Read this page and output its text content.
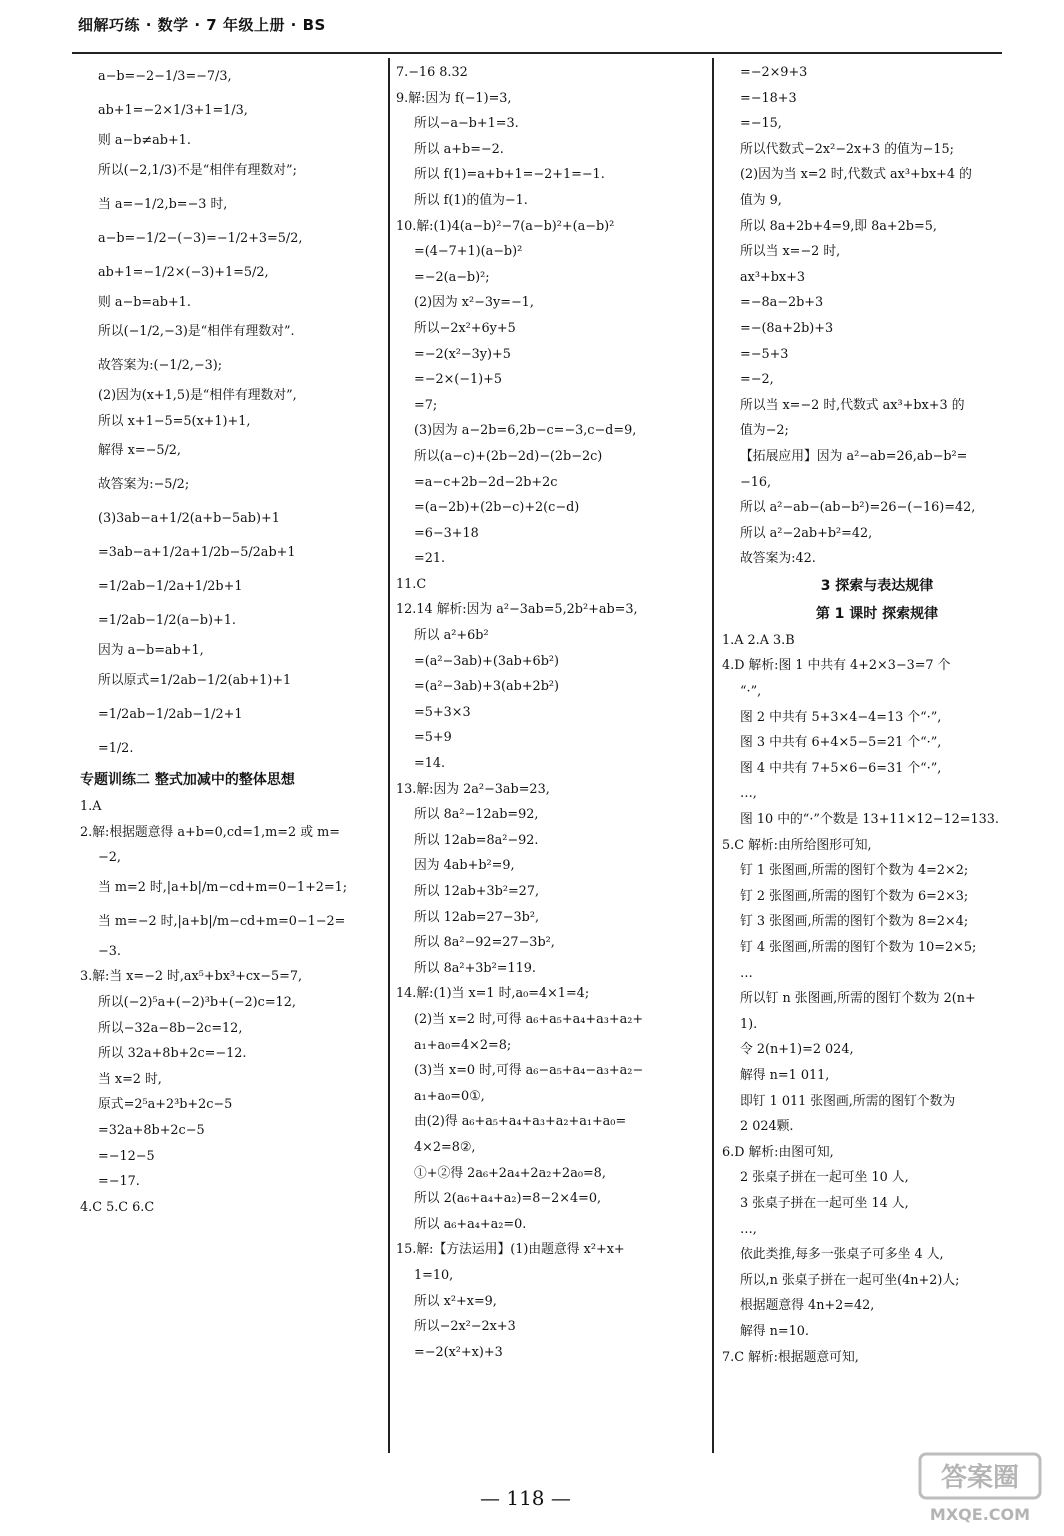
细解巧练 · 数学 · 7 年级上册 · BS
a−b=−2−1/3=−7/3,
ab+1=−2×1/3+1=1/3,
则 a−b≠ab+1.
所以(−2,1/3)不是“相伴有理数对”;
当 a=−1/2,b=−3 时,
a−b=−1/2−(−3)=−1/2+3=5/2,
ab+1=−1/2×(−3)+1=5/2,
则 a−b=ab+1.
所以(−1/2,−3)是“相伴有理数对”.
故答案为:(−1/2,−3);
(2)因为(x+1,5)是“相伴有理数对”,
所以 x+1−5=5(x+1)+1,
解得 x=−5/2,
故答案为:−5/2;
(3)3ab−a+1/2(a+b−5ab)+1
=3ab−a+1/2a+1/2b−5/2ab+1
=1/2ab−1/2a+1/2b+1
=1/2ab−1/2(a−b)+1.
因为 a−b=ab+1,
所以原式=1/2ab−1/2(ab+1)+1
=1/2ab−1/2ab−1/2+1
=1/2.
专题训练二 整式加减中的整体思想
1.A
2.解:根据题意得 a+b=0,cd=1,m=2 或 m=
−2,
当 m=2 时,|a+b|/m−cd+m=0−1+2=1;
当 m=−2 时,|a+b|/m−cd+m=0−1−2=
−3.
3.解:当 x=−2 时,ax⁵+bx³+cx−5=7,
所以(−2)⁵a+(−2)³b+(−2)c=12,
所以−32a−8b−2c=12,
所以 32a+8b+2c=−12.
当 x=2 时,
原式=2⁵a+2³b+2c−5
=32a+8b+2c−5
=−12−5
=−17.
4.C 5.C 6.C
7.−16 8.32
9.解:因为 f(−1)=3,
所以−a−b+1=3.
所以 a+b=−2.
所以 f(1)=a+b+1=−2+1=−1.
所以 f(1)的值为−1.
10.解:(1)4(a−b)²−7(a−b)²+(a−b)²
=(4−7+1)(a−b)²
=−2(a−b)²;
(2)因为 x²−3y=−1,
所以−2x²+6y+5
=−2(x²−3y)+5
=−2×(−1)+5
=7;
(3)因为 a−2b=6,2b−c=−3,c−d=9,
所以(a−c)+(2b−2d)−(2b−2c)
=a−c+2b−2d−2b+2c
=(a−2b)+(2b−c)+2(c−d)
=6−3+18
=21.
11.C
12.14 解析:因为 a²−3ab=5,2b²+ab=3,
所以 a²+6b²
=(a²−3ab)+(3ab+6b²)
=(a²−3ab)+3(ab+2b²)
=5+3×3
=5+9
=14.
13.解:因为 2a²−3ab=23,
所以 8a²−12ab=92,
所以 12ab=8a²−92.
因为 4ab+b²=9,
所以 12ab+3b²=27,
所以 12ab=27−3b²,
所以 8a²−92=27−3b²,
所以 8a²+3b²=119.
14.解:(1)当 x=1 时,a₀=4×1=4;
(2)当 x=2 时,可得 a₆+a₅+a₄+a₃+a₂+
a₁+a₀=4×2=8;
(3)当 x=0 时,可得 a₆−a₅+a₄−a₃+a₂−
a₁+a₀=0①,
由(2)得 a₆+a₅+a₄+a₃+a₂+a₁+a₀=
4×2=8②,
①+②得 2a₆+2a₄+2a₂+2a₀=8,
所以 2(a₆+a₄+a₂)=8−2×4=0,
所以 a₆+a₄+a₂=0.
15.解:【方法运用】(1)由题意得 x²+x+
1=10,
所以 x²+x=9,
所以−2x²−2x+3
=−2(x²+x)+3
=−2×9+3
=−18+3
=−15,
所以代数式−2x²−2x+3 的值为−15;
(2)因为当 x=2 时,代数式 ax³+bx+4 的
值为 9,
所以 8a+2b+4=9,即 8a+2b=5,
所以当 x=−2 时,
ax³+bx+3
=−8a−2b+3
=−(8a+2b)+3
=−5+3
=−2,
所以当 x=−2 时,代数式 ax³+bx+3 的
值为−2;
【拓展应用】因为 a²−ab=26,ab−b²=
−16,
所以 a²−ab−(ab−b²)=26−(−16)=42,
所以 a²−2ab+b²=42,
故答案为:42.
3 探索与表达规律
第 1 课时 探索规律
1.A 2.A 3.B
4.D 解析:图 1 中共有 4+2×3−3=7 个
“·”,
图 2 中共有 5+3×4−4=13 个“·”,
图 3 中共有 6+4×5−5=21 个“·”,
图 4 中共有 7+5×6−6=31 个“·”,
…,
图 10 中的“·”个数是 13+11×12−12=133.
5.C 解析:由所给图形可知,
钉 1 张图画,所需的图钉个数为 4=2×2;
钉 2 张图画,所需的图钉个数为 6=2×3;
钉 3 张图画,所需的图钉个数为 8=2×4;
钉 4 张图画,所需的图钉个数为 10=2×5;
…
所以钉 n 张图画,所需的图钉个数为 2(n+
1).
令 2(n+1)=2 024,
解得 n=1 011,
即钉 1 011 张图画,所需的图钉个数为
2 024颗.
6.D 解析:由图可知,
2 张桌子拼在一起可坐 10 人,
3 张桌子拼在一起可坐 14 人,
…,
依此类推,每多一张桌子可多坐 4 人,
所以,n 张桌子拼在一起可坐(4n+2)人;
根据题意得 4n+2=42,
解得 n=10.
7.C 解析:根据题意可知,
— 118 —
答案圈
MXQE.COM
